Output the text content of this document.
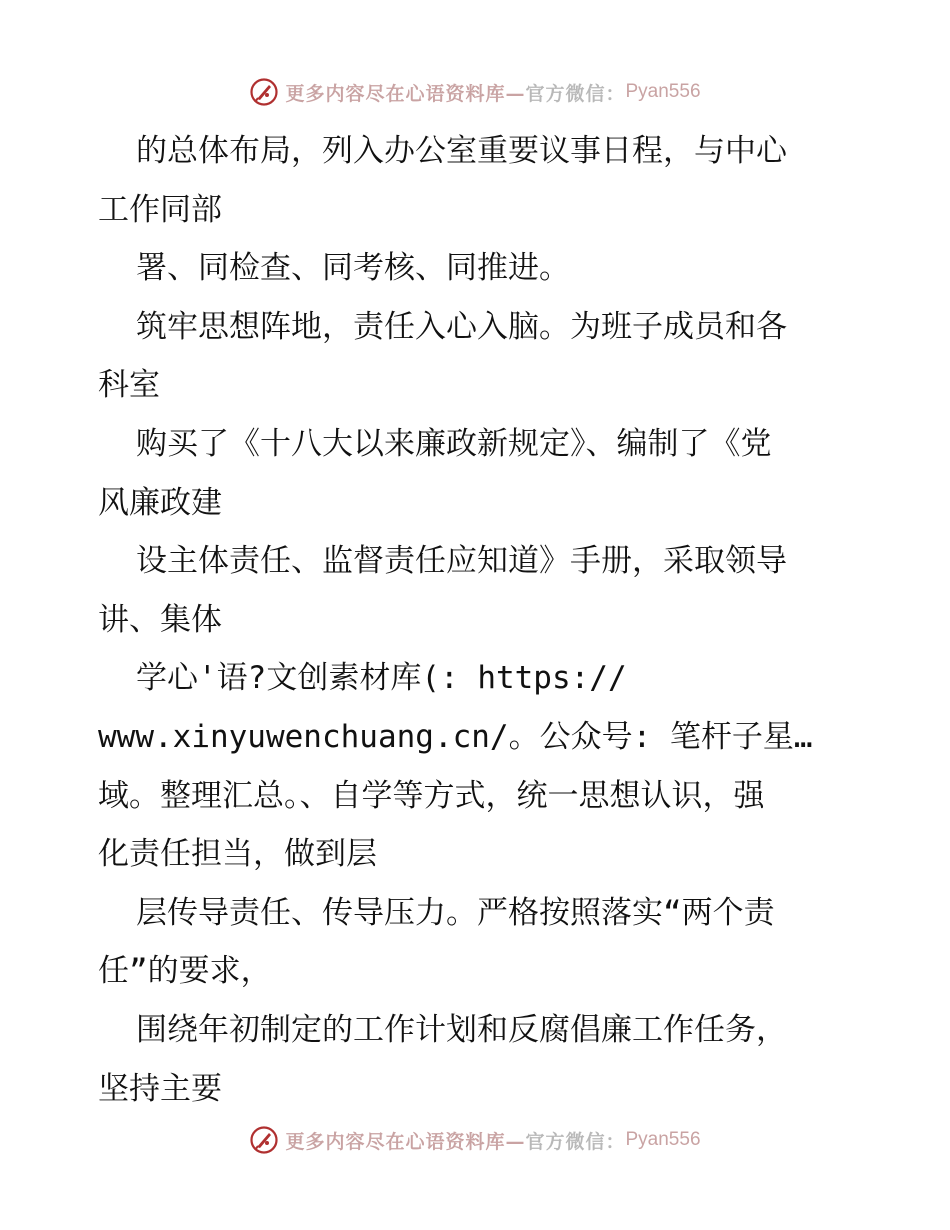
更多内容尽在心语资料库— 官方微信： Pyan556
的总体布局，列入办公室重要议事日程，与中心
工作同部
署、同检查、同考核、同推进。
筑牢思想阵地，责任入心入脑。为班子成员和各
科室
购买了《十八大以来廉政新规定》、编制了《党
风廉政建
设主体责任、监督责任应知道》手册，采取领导
讲、集体
学心'语?文创素材库(: https://
www.xinyuwenchuang.cn/。公众号: 笔杆子星…
域。整理汇总。、自学等方式，统一思想认识，强
化责任担当，做到层
层传导责任、传导压力。严格按照落实“两个责
任”的要求，
围绕年初制定的工作计划和反腐倡廉工作任务，
坚持主要
更多内容尽在心语资料库— 官方微信： Pyan556
